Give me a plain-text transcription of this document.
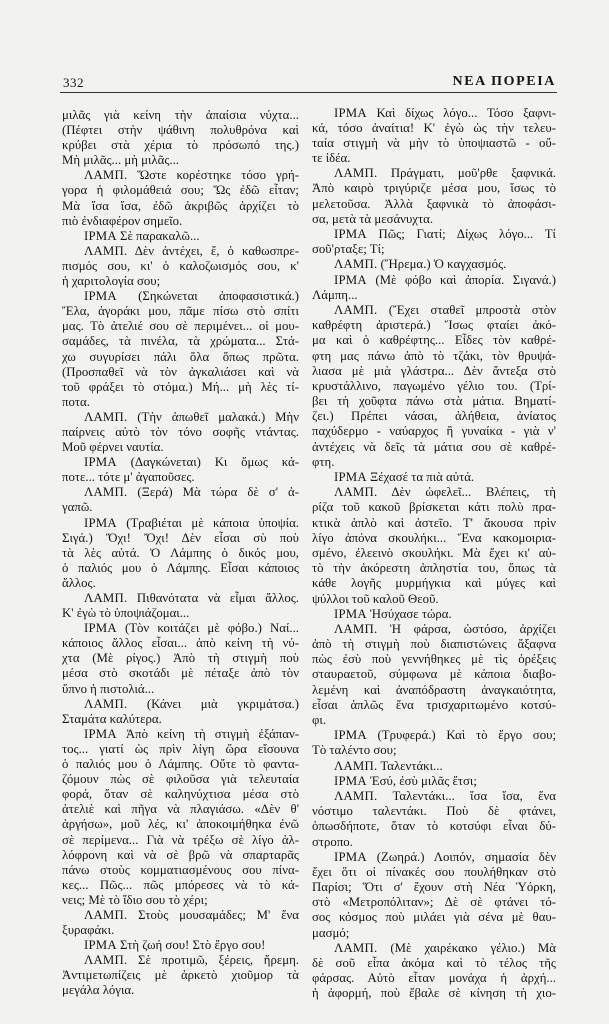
332	ΝΕΑ ΠΟΡΕΙΑ
μιλᾶς γιὰ κείνη τὴν ἀπαίσια νύχτα...
(Πέφτει στὴν ψάθινη πολυθρόνα καὶ
κρύβει στὰ χέρια τὸ πρόσωπό της.)
Μὴ μιλᾶς... μὴ μιλᾶς...
ΛΑΜΠ. Ὥστε κορέστηκε τόσο γρή-
γορα ἡ φιλομάθειά σου; Ὥς ἐδῶ εἶταν;
Μὰ ἴσα ἴσα, ἐδῶ ἀκριβῶς ἀρχίζει τὸ
πιὸ ἐνδιαφέρον σημεῖο.
ΙΡΜΑ Σὲ παρακαλῶ...
ΛΑΜΠ. Δὲν ἀντέχει, ἔ, ὁ καθωσπρε-
πισμός σου, κι' ὁ καλοζωισμός σου, κ'
ἡ χαριτολογία σου;
ΙΡΜΑ (Σηκώνεται ἀποφασιστικά.)
Ἔλα, ἀγοράκι μου, πᾶμε πίσω στὸ σπίτι
μας. Τὸ ἀτελιέ σου σὲ περιμένει... οἱ μου-
σαμάδες, τὰ πινέλα, τὰ χρώματα... Στά-
χω συγυρίσει πάλι ὅλα ὅπως πρῶτα.
(Προσπαθεῖ νὰ τὸν ἀγκαλιάσει καὶ νὰ
τοῦ φράξει τὸ στόμα.) Μή... μὴ λὲς τί-
ποτα.
ΛΑΜΠ. (Τὴν ἀπωθεῖ μαλακά.) Μὴν
παίρνεις αὐτὸ τὸν τόνο σοφῆς ντάντας.
Μοῦ φέρνει ναυτία.
ΙΡΜΑ (Δαγκώνεται) Κι ὅμως κά-
ποτε... τότε μ' ἀγαποῦσες.
ΛΑΜΠ. (Ξερά) Μὰ τώρα δὲ σ' ἀ-
γαπῶ.
ΙΡΜΑ (Τραβιέται μὲ κάποια ὑποψία.
Σιγά.) Ὄχι! Ὄχι! Δὲν εἶσαι σὺ ποὺ
τὰ λὲς αὐτά. Ὁ Λάμπης ὁ δικός μου,
ὁ παλιός μου ὁ Λάμπης. Εἶσαι κάποιος
ἄλλος.
ΛΑΜΠ. Πιθανότατα νὰ εἶμαι ἄλλος.
Κ' ἐγὼ τὸ ὑποψιάζομαι...
ΙΡΜΑ (Τὸν κοιτάζει μὲ φόβο.) Ναί...
κάποιος ἄλλος εἶσαι... ἀπὸ κείνη τὴ νύ-
χτα (Μὲ ρίγος.) Ἀπὸ τὴ στιγμὴ ποὺ
μέσα στὸ σκοτάδι μὲ πέταξε ἀπὸ τὸν
ὕπνο ἡ πιστολιά...
ΛΑΜΠ. (Κάνει μιὰ γκριμάτσα.)
Σταμάτα καλύτερα.
ΙΡΜΑ Ἀπὸ κείνη τὴ στιγμὴ ἐξάπαν-
τος... γιατί ὡς πρὶν λίγη ὥρα εἴσουνα
ὁ παλιός μου ὁ Λάμπης. Οὔτε τὸ φαντα-
ζόμουν πὼς σὲ φιλοῦσα γιὰ τελευταία
φορά, ὅταν σὲ καληνύχτισα μέσα στὸ
ἀτελιὲ καὶ πῆγα νὰ πλαγιάσω. «Δὲν θ'
ἀργήσω», μοῦ λές, κι' ἀποκοιμήθηκα ἐνῶ
σὲ περίμενα... Γιὰ νὰ τρέξω σὲ λίγο ἀλ-
λόφρονη καὶ νὰ σὲ βρῶ νὰ σπαρταρᾶς
πάνω στοὺς κομματιασμένους σου πίνα-
κες... Πῶς... πῶς μπόρεσες νὰ τὸ κά-
νεις; Μὲ τὸ ἴδιο σου τὸ χέρι;
ΛΑΜΠ. Στοὺς μουσαμάδες; Μ' ἕνα
ξυραφάκι.
ΙΡΜΑ Στὴ ζωή σου! Στὸ ἔργο σου!
ΛΑΜΠ. Σὲ προτιμῶ, ξέρεις, ἤρεμη.
Ἀντιμετωπίζεις μὲ ἀρκετὸ χιοῦμορ τὰ
μεγάλα λόγια.
ΙΡΜΑ Καὶ δίχως λόγο... Τόσο ξαφνι-
κά, τόσο ἀναίτια! Κ' ἐγὼ ὡς τὴν τελευ-
ταία στιγμὴ νὰ μὴν τὸ ὑποψιαστῶ - οὔ-
τε ἰδέα.
ΛΑΜΠ. Πράγματι, μοῦ'ρθε ξαφνικά.
Ἀπὸ καιρὸ τριγύριζε μέσα μου, ἴσως τὸ
μελετοῦσα. Ἀλλὰ ξαφνικὰ τὸ ἀποφάσι-
σα, μετὰ τὰ μεσάνυχτα.
ΙΡΜΑ Πῶς; Γιατί; Δίχως λόγο... Τί
σοῦ'ρταξε; Τί;
ΛΑΜΠ. (Ἤρεμα.) Ὁ καγχασμός.
ΙΡΜΑ (Μὲ φόβο καὶ ἀπορία. Σιγανά.)
Λάμπη...
ΛΑΜΠ. (Ἔχει σταθεῖ μπροστὰ στὸν
καθρέφτη ἀριστερά.) Ἴσως φταίει ἀκό-
μα καὶ ὁ καθρέφτης... Εἶδες τὸν καθρέ-
φτη μας πάνω ἀπὸ τὸ τζάκι, τὸν θρυψά-
λιασα μὲ μιὰ γλάστρα... Δὲν ἄντεξα στὸ
κρυστάλλινο, παγωμένο γέλιο του. (Τρί-
βει τὴ χοῦφτα πάνω στὰ μάτια. Βηματί-
ζει.) Πρέπει νάσαι, ἀλήθεια, ἀνίατος
παχύδερμο - ναύαρχος ἢ γυναίκα - γιὰ ν'
ἀντέχεις νὰ δεῖς τὰ μάτια σου σὲ καθρέ-
φτη.
ΙΡΜΑ Ξέχασέ τα πιὰ αὐτά.
ΛΑΜΠ. Δὲν ὠφελεῖ... Βλέπεις, τὴ
ρίζα τοῦ κακοῦ βρίσκεται κάτι πολὺ πρα-
κτικὰ ἁπλὸ καὶ ἀστεῖο. Τ' ἄκουσα πρὶν
λίγο ἀπόνα σκουλήκι... Ἕνα κακομοιρια-
σμένο, ἐλεεινὸ σκουλήκι. Μὰ ἔχει κι' αὐ-
τὸ τὴν ἀκόρεστη ἀπληστία του, ὅπως τὰ
κάθε λογῆς μυρμήγκια καὶ μύγες καὶ
ψύλλοι τοῦ καλοῦ Θεοῦ.
ΙΡΜΑ Ἡσύχασε τώρα.
ΛΑΜΠ. Ἡ φάρσα, ὡστόσο, ἀρχίζει
ἀπὸ τὴ στιγμὴ ποὺ διαπιστώνεις ἄξαφνα
πὼς ἐσὺ ποὺ γεννήθηκες μὲ τὶς ὀρέξεις
σταυραετοῦ, σύμφωνα μὲ κάποια διαβο-
λεμένη καὶ ἀναπόδραστη ἀναγκαιότητα,
εἶσαι ἁπλῶς ἕνα τρισχαριτωμένο κοτσύ-
φι.
ΙΡΜΑ (Τρυφερά.) Καὶ τὸ ἔργο σου;
Τὸ ταλέντο σου;
ΛΑΜΠ. Ταλεντάκι...
ΙΡΜΑ Ἐσύ, ἐσὺ μιλᾶς ἔτσι;
ΛΑΜΠ. Ταλεντάκι... ἴσα ἴσα, ἕνα
νόστιμο ταλεντάκι. Ποὺ δὲ φτάνει,
ὁπωσδήποτε, ὅταν τὸ κοτσύφι εἶναι δύ-
στροπο.
ΙΡΜΑ (Ζωηρά.) Λοιπόν, σημασία δὲν
ἔχει ὅτι οἱ πίνακές σου πουλήθηκαν στὸ
Παρίσι; Ὅτι σ' ἔχουν στὴ Νέα Ὑόρκη,
στὸ «Μετροπόλιταν»; Δὲ σὲ φτάνει τό-
σος κόσμος ποὺ μιλάει γιὰ σένα μὲ θαυ-
μασμό;
ΛΑΜΠ. (Μὲ χαιρέκακο γέλιο.) Μὰ
δὲ σοῦ εἶπα ἀκόμα καὶ τὸ τέλος τῆς
φάρσας. Αὐτὸ εἶταν μονάχα ἡ ἀρχή...
ἡ ἀφορμή, ποὺ ἔβαλε σὲ κίνηση τὴ χιο-
